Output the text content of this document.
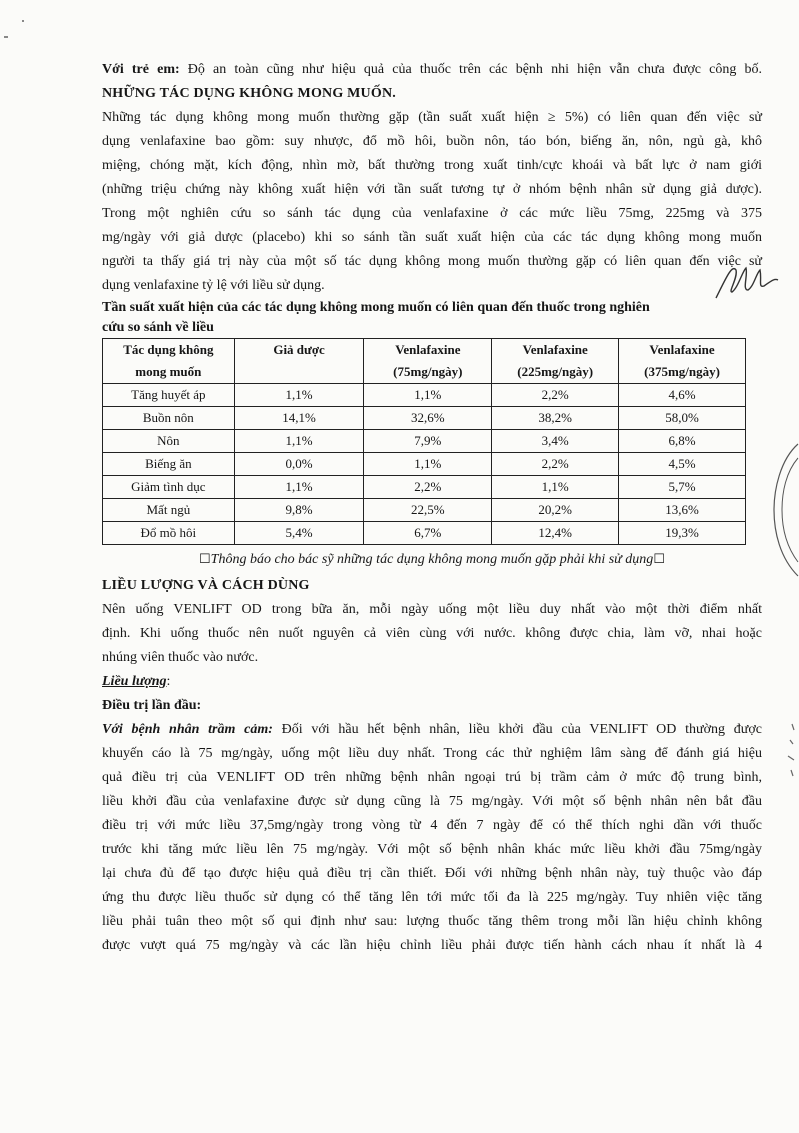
Với trẻ em: Độ an toàn cũng như hiệu quả của thuốc trên các bệnh nhi hiện vẫn chưa được công bố.

NHỮNG TÁC DỤNG KHÔNG MONG MUỐN.

Những tác dụng không mong muốn thường gặp (tần suất xuất hiện ≥ 5%) có liên quan đến việc sử

dụng venlafaxine bao gồm: suy nhược, đổ mồ hôi, buồn nôn, táo bón, biếng ăn, nôn, ngủ gà, khô

miệng, chóng mặt, kích động, nhìn mờ, bất thường trong xuất tinh/cực khoái và bất lực ở nam giới

(những triệu chứng này không xuất hiện với tần suất tương tự ở nhóm bệnh nhân sử dụng giả dược).

Trong một nghiên cứu so sánh tác dụng của venlafaxine ở các mức liều 75mg, 225mg và 375

mg/ngày với giả dược (placebo) khi so sánh tần suất xuất hiện của các tác dụng không mong muốn

người ta thấy giá trị này của một số tác dụng không mong muốn thường gặp có liên quan đến việc sử

dụng venlafaxine tỷ lệ với liều sử dụng.

Tần suất xuất hiện của các tác dụng không mong muốn có liên quan đến thuốc trong nghiên
cứu so sánh về liều

Tác dụng không	Giả dược	Venlafaxine	Venlafaxine	Venlafaxine
mong muốn		(75mg/ngày)	(225mg/ngày)	(375mg/ngày)
Tăng huyết áp	1,1%	1,1%	2,2%	4,6%
Buồn nôn	14,1%	32,6%	38,2%	58,0%
Nôn	1,1%	7,9%	3,4%	6,8%
Biếng ăn	0,0%	1,1%	2,2%	4,5%
Giảm tình dục	1,1%	2,2%	1,1%	5,7%
Mất ngủ	9,8%	22,5%	20,2%	13,6%
Đổ mồ hôi	5,4%	6,7%	12,4%	19,3%

☐Thông báo cho bác sỹ những tác dụng không mong muốn gặp phải khi sử dụng☐

LIỀU LƯỢNG VÀ CÁCH DÙNG

Nên uống VENLIFT OD trong bữa ăn, mỗi ngày uống một liều duy nhất vào một thời điểm nhất

định. Khi uống thuốc nên nuốt nguyên cả viên cùng với nước. không được chia, làm vỡ, nhai hoặc

nhúng viên thuốc vào nước.

Liều lượng:

Điều trị lần đầu:

Với bệnh nhân trầm cảm: Đối với hầu hết bệnh nhân, liều khởi đầu của VENLIFT OD thường được

khuyến cáo là 75 mg/ngày, uống một liều duy nhất. Trong các thử nghiệm lâm sàng để đánh giá hiệu

quả điều trị của VENLIFT OD trên những bệnh nhân ngoại trú bị trầm cảm ở mức độ trung bình,

liều khởi đầu của venlafaxine được sử dụng cũng là 75 mg/ngày. Với một số bệnh nhân nên bắt đầu

điều trị với mức liều 37,5mg/ngày trong vòng từ 4 đến 7 ngày để có thể thích nghi dần với thuốc

trước khi tăng mức liều lên 75 mg/ngày. Với một số bệnh nhân khác mức liều khởi đầu 75mg/ngày

lại chưa đủ để tạo được hiệu quả điều trị cần thiết. Đối với những bệnh nhân này, tuỳ thuộc vào đáp

ứng thu được liều thuốc sử dụng có thể tăng lên tới mức tối đa là 225 mg/ngày. Tuy nhiên việc tăng

liều phải tuân theo một số qui định như sau: lượng thuốc tăng thêm trong mỗi lần hiệu chỉnh không

được vượt quá 75 mg/ngày và các lần hiệu chỉnh liều phải được tiến hành cách nhau ít nhất là 4
